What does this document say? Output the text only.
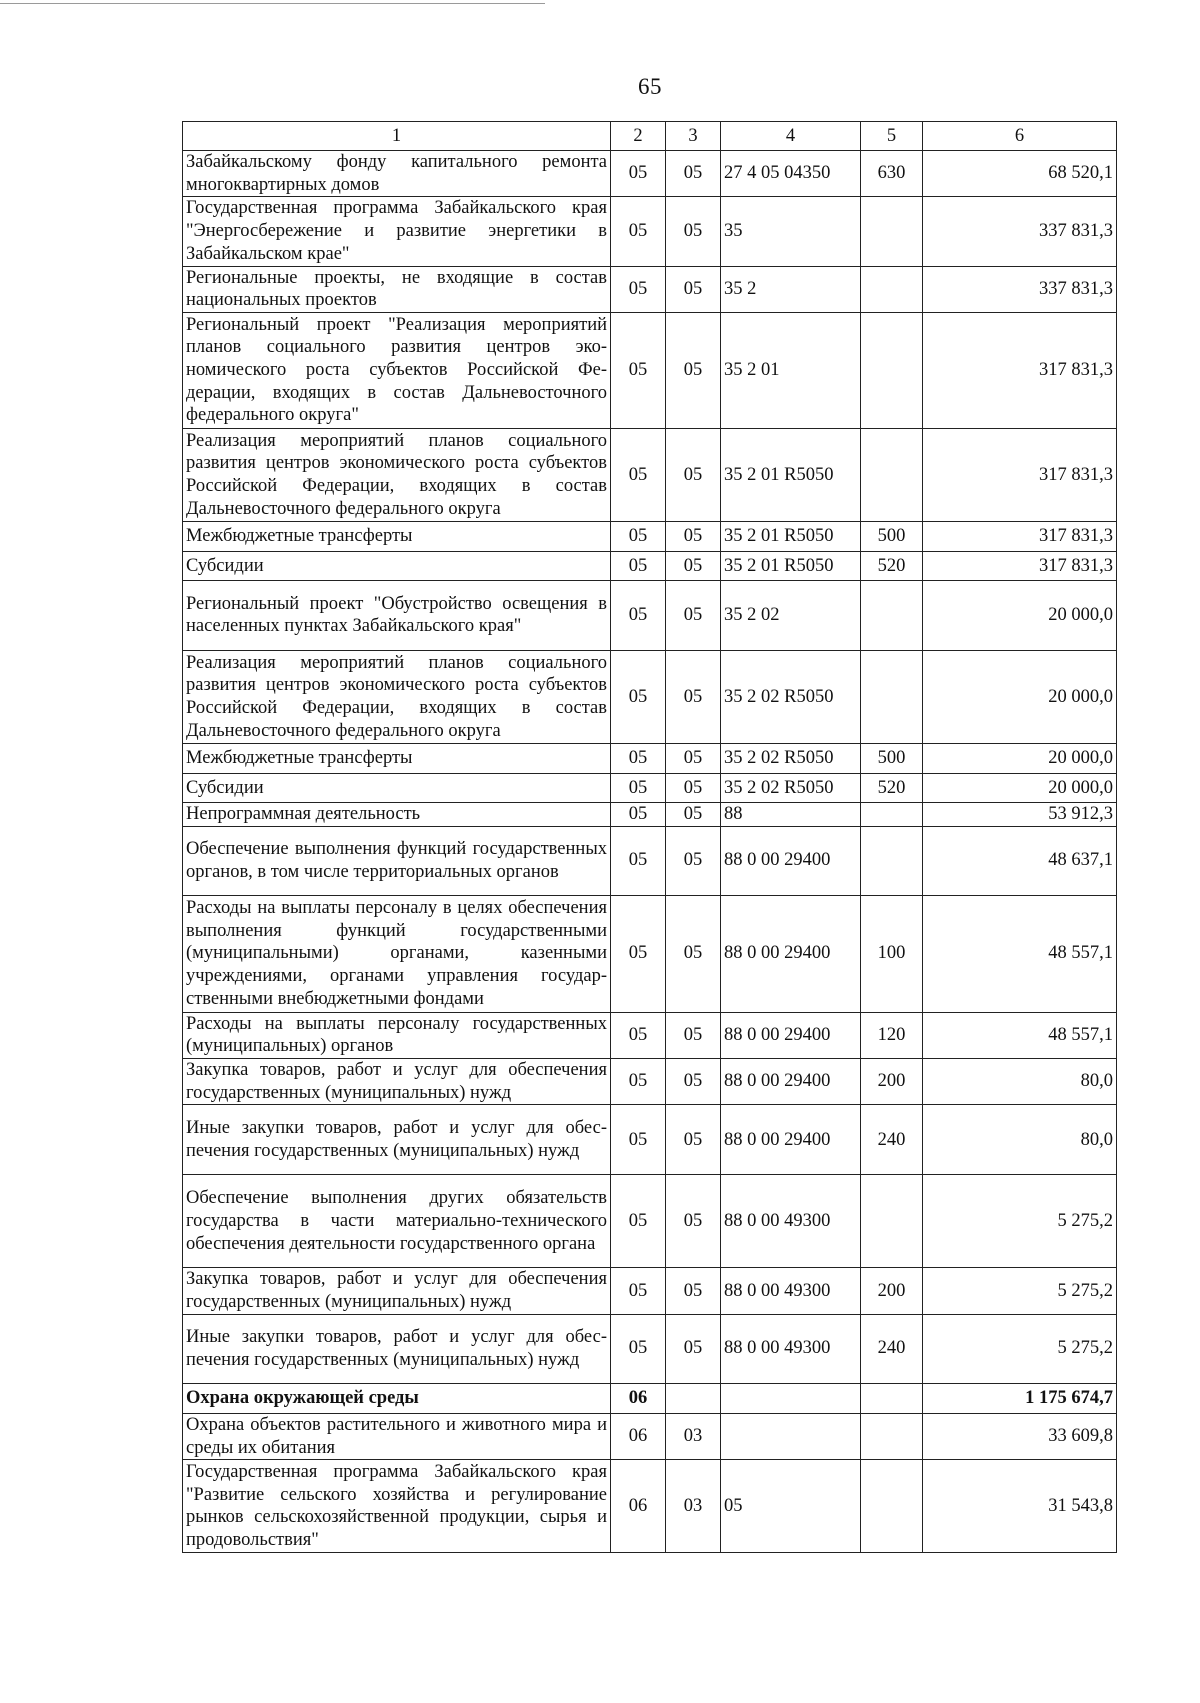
65
1	2	3	4	5	6
Забайкальскому фонду капитального ремонта многоквартирных домов	05	05	27 4 05 04350	630	68 520,1
Государственная программа Забайкальского края "Энергосбережение и развитие энергетики в Забайкальском крае"	05	05	35		337 831,3
Региональные проекты, не входящие в состав национальных проектов	05	05	35 2		337 831,3
Региональный проект "Реализация мероприятий планов социального развития центров экономического роста субъектов Российской Федерации, входящих в состав Дальневосточного федерального округа"	05	05	35 2 01		317 831,3
Реализация мероприятий планов социального развития центров экономического роста субъектов Российской Федерации, входящих в состав Дальневосточного федерального округа	05	05	35 2 01 R5050		317 831,3
Межбюджетные трансферты	05	05	35 2 01 R5050	500	317 831,3
Субсидии	05	05	35 2 01 R5050	520	317 831,3
Региональный проект "Обустройство освещения в населенных пунктах Забайкальского края"	05	05	35 2 02		20 000,0
Реализация мероприятий планов социального развития центров экономического роста субъектов Российской Федерации, входящих в состав Дальневосточного федерального округа	05	05	35 2 02 R5050		20 000,0
Межбюджетные трансферты	05	05	35 2 02 R5050	500	20 000,0
Субсидии	05	05	35 2 02 R5050	520	20 000,0
Непрограммная деятельность	05	05	88		53 912,3
Обеспечение выполнения функций государственных органов, в том числе территориальных органов	05	05	88 0 00 29400		48 637,1
Расходы на выплаты персоналу в целях обеспечения выполнения функций государственными (муниципальными) органами, казенными учреждениями, органами управления государственными внебюджетными фондами	05	05	88 0 00 29400	100	48 557,1
Расходы на выплаты персоналу государственных (муниципальных) органов	05	05	88 0 00 29400	120	48 557,1
Закупка товаров, работ и услуг для обеспечения государственных (муниципальных) нужд	05	05	88 0 00 29400	200	80,0
Иные закупки товаров, работ и услуг для обеспечения государственных (муниципальных) нужд	05	05	88 0 00 29400	240	80,0
Обеспечение выполнения других обязательств государства в части материально-технического обеспечения деятельности государственного органа	05	05	88 0 00 49300		5 275,2
Закупка товаров, работ и услуг для обеспечения государственных (муниципальных) нужд	05	05	88 0 00 49300	200	5 275,2
Иные закупки товаров, работ и услуг для обеспечения государственных (муниципальных) нужд	05	05	88 0 00 49300	240	5 275,2
Охрана окружающей среды	06				1 175 674,7
Охрана объектов растительного и животного мира и среды их обитания	06	03			33 609,8
Государственная программа Забайкальского края "Развитие сельского хозяйства и регулирование рынков сельскохозяйственной продукции, сырья и продовольствия"	06	03	05		31 543,8
